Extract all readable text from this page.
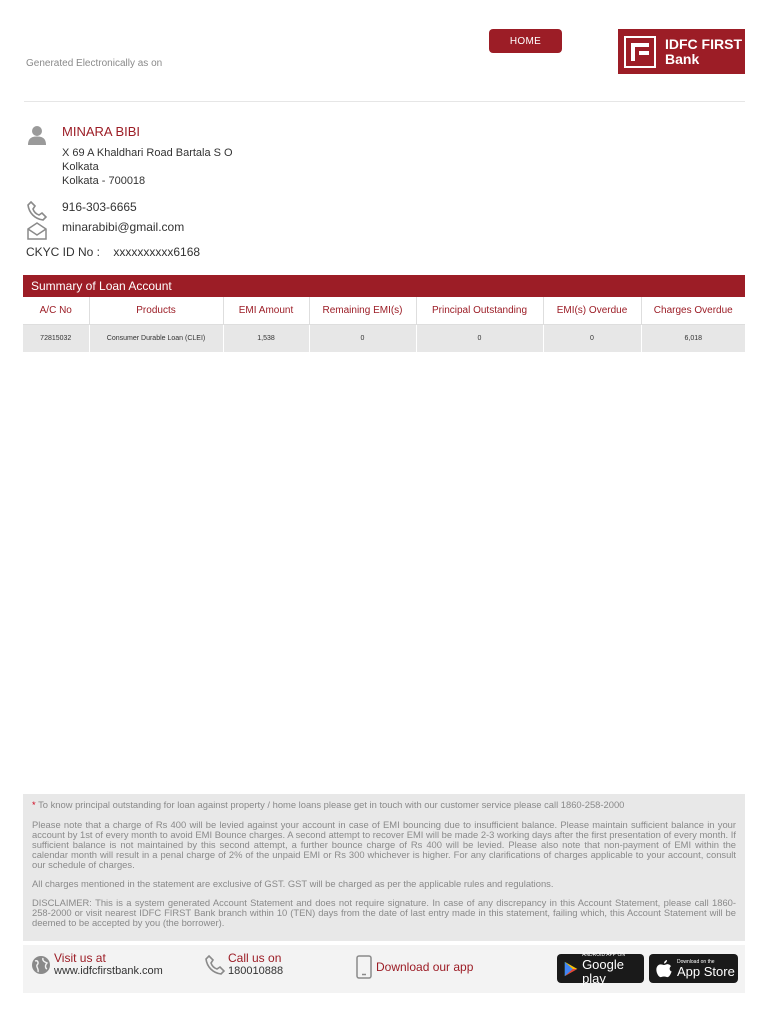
Generated Electronically as on
HOME	IDFC FIRST
Bank
MINARA BIBI
X 69 A Khaldhari Road Bartala S O
Kolkata
Kolkata - 700018
916-303-6665
minarabibi@gmail.com
CKYC ID No : xxxxxxxxxx6168
Summary of Loan Account
A/C No	Products	EMI Amount	Remaining EMI(s)	Principal Outstanding	EMI(s) Overdue	Charges Overdue
72815032	Consumer Durable Loan (CLEI)	1,538	0	0	0	6,018

* To know principal outstanding for loan against property / home loans please get in touch with our customer service please call 1860-258-2000

Please note that a charge of Rs 400 will be levied against your account in case of EMI bouncing due to insufficient balance. Please maintain sufficient balance in your account by 1st of every month to avoid EMI Bounce charges. A second attempt to recover EMI will be made 2-3 working days after the first presentation of every month. If sufficient balance is not maintained by this second attempt, a further bounce charge of Rs 400 will be levied. Please also note that non-payment of EMI within the calendar month will result in a penal charge of 2% of the unpaid EMI or Rs 300 whichever is higher. For any clarifications of charges applicable to your account, consult our schedule of charges.

All charges mentioned in the statement are exclusive of GST. GST will be charged as per the applicable rules and regulations.

DISCLAIMER: This is a system generated Account Statement and does not require signature. In case of any discrepancy in this Account Statement, please call 1860-258-2000 or visit nearest IDFC FIRST Bank branch within 10 (TEN) days from the date of last entry made in this statement, failing which, this Account Statement will be deemed to be accepted by you (the borrower).

Visit us at
www.idfcfirstbank.com
Call us on
180010888	Download our app
ANDROID APP ON
Google play
Download on the
App Store
